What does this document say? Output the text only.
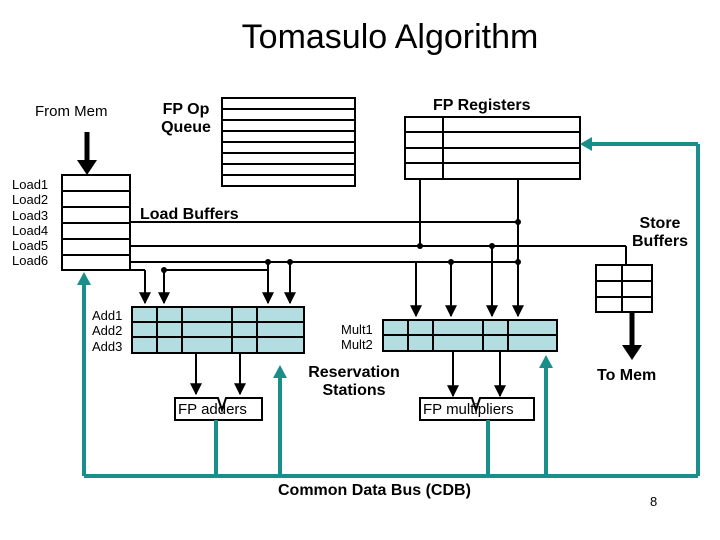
Tomasulo Algorithm
From Mem	FP Op
Queue
FP Registers
Load1
Load2
Load3
Load4
Load5
Load6
Load Buffers
Store
Buffers
Add1
Add2
Add3
Mult1
Mult2
Reservation
Stations
FP adders	FP multipliers
To Mem
Common Data Bus (CDB)
8
